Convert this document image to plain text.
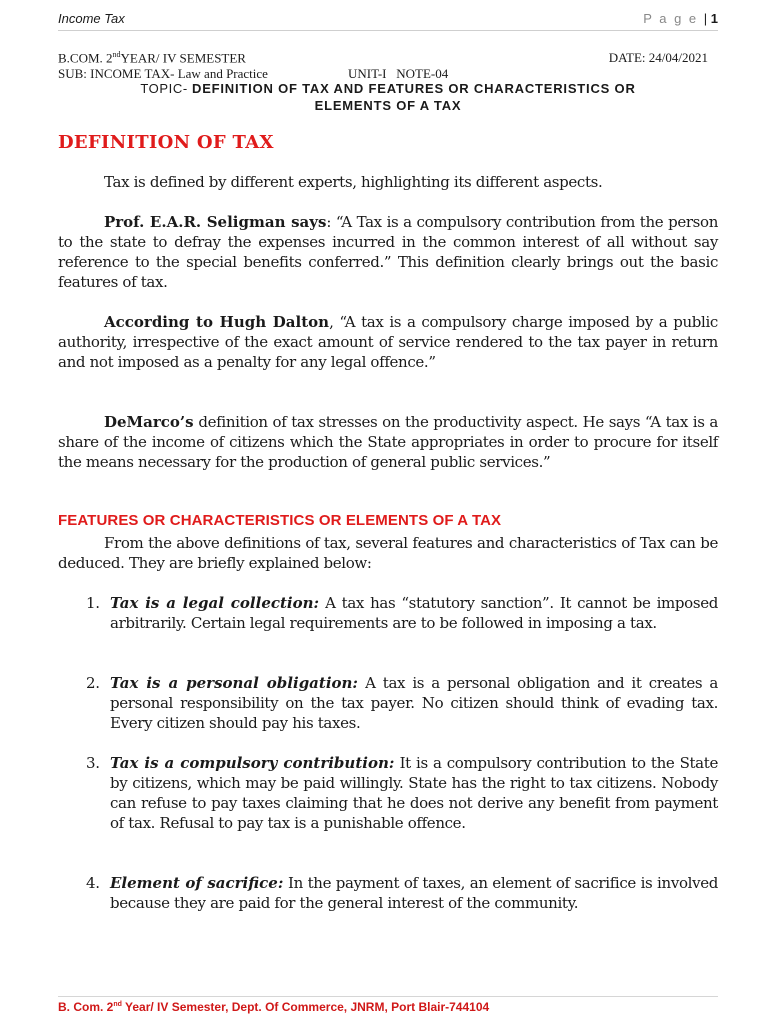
Income Tax	P a g e | 1
B.COM. 2ndYEAR/ IV SEMESTER	DATE: 24/04/2021
SUB: INCOME TAX- Law and Practice	UNIT-I   NOTE-04
TOPIC- DEFINITION OF TAX AND FEATURES OR CHARACTERISTICS OR
ELEMENTS OF A TAX
DEFINITION OF TAX
Tax is defined by different experts, highlighting its different aspects.
Prof. E.A.R. Seligman says: “A Tax is a compulsory contribution from the person to the state to defray the expenses incurred in the common interest of all without say reference to the special benefits conferred.” This definition clearly brings out the basic features of tax.
According to Hugh Dalton, “A tax is a compulsory charge imposed by a public authority, irrespective of the exact amount of service rendered to the tax payer in return and not imposed as a penalty for any legal offence.”
DeMarco’s definition of tax stresses on the productivity aspect. He says “A tax is a share of the income of citizens which the State appropriates in order to procure for itself the means necessary for the production of general public services.”
FEATURES OR CHARACTERISTICS OR ELEMENTS OF A TAX
From the above definitions of tax, several features and characteristics of Tax can be deduced. They are briefly explained below:
1. Tax is a legal collection: A tax has “statutory sanction”. It cannot be imposed arbitrarily. Certain legal requirements are to be followed in imposing a tax.
2. Tax is a personal obligation: A tax is a personal obligation and it creates a personal responsibility on the tax payer. No citizen should think of evading tax. Every citizen should pay his taxes.
3. Tax is a compulsory contribution: It is a compulsory contribution to the State by citizens, which may be paid willingly. State has the right to tax citizens. Nobody can refuse to pay taxes claiming that he does not derive any benefit from payment of tax. Refusal to pay tax is a punishable offence.
4. Element of sacrifice: In the payment of taxes, an element of sacrifice is involved because they are paid for the general interest of the community.
B. Com. 2nd Year/ IV Semester, Dept. Of Commerce, JNRM, Port Blair-744104
